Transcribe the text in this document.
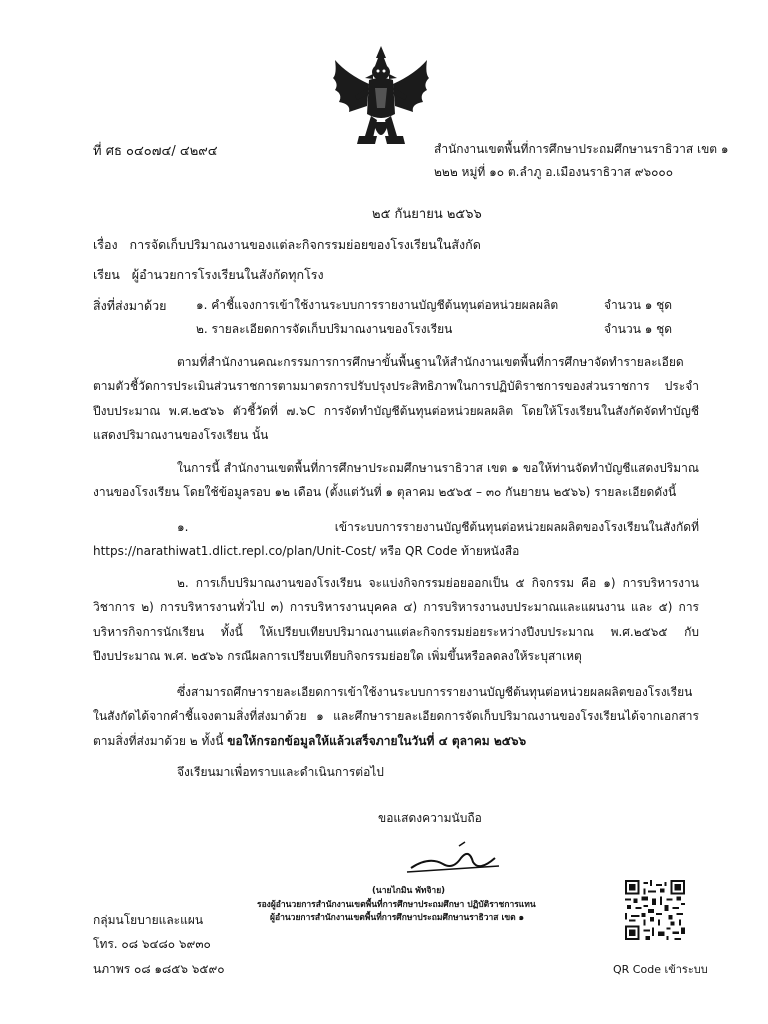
ที่ ศธ ๐๔๐๗๔/ ๔๒๙๔	สำนักงานเขตพื้นที่การศึกษาประถมศึกษานราธิวาส เขต ๑
๒๒๒ หมู่ที่ ๑๐ ต.ลำภู อ.เมืองนราธิวาส ๙๖๐๐๐
๒๕ กันยายน ๒๕๖๖
เรื่อง การจัดเก็บปริมาณงานของแต่ละกิจกรรมย่อยของโรงเรียนในสังกัด
เรียน ผู้อำนวยการโรงเรียนในสังกัดทุกโรง
สิ่งที่ส่งมาด้วย ๑. คำชี้แจงการเข้าใช้งานระบบการรายงานบัญชีต้นทุนต่อหน่วยผลผลิต	จำนวน ๑ ชุด
๒. รายละเอียดการจัดเก็บปริมาณงานของโรงเรียน	จำนวน ๑ ชุด
ตามที่สำนักงานคณะกรรมการการศึกษาขั้นพื้นฐานให้สำนักงานเขตพื้นที่การศึกษาจัดทำรายละเอียดตามตัวชี้วัดการประเมินส่วนราชการตามมาตรการปรับปรุงประสิทธิภาพในการปฏิบัติราชการของส่วนราชการ ประจำปีงบประมาณ พ.ศ.๒๕๖๖ ตัวชี้วัดที่ ๗.๖C การจัดทำบัญชีต้นทุนต่อหน่วยผลผลิต โดยให้โรงเรียนในสังกัดจัดทำบัญชีแสดงปริมาณงานของโรงเรียน นั้น
ในการนี้ สำนักงานเขตพื้นที่การศึกษาประถมศึกษานราธิวาส เขต ๑ ขอให้ท่านจัดทำบัญชีแสดงปริมาณงานของโรงเรียน โดยใช้ข้อมูลรอบ ๑๒ เดือน (ตั้งแต่วันที่ ๑ ตุลาคม ๒๕๖๕ – ๓๐ กันยายน ๒๕๖๖) รายละเอียดดังนี้
๑. เข้าระบบการรายงานบัญชีต้นทุนต่อหน่วยผลผลิตของโรงเรียนในสังกัดที่ https://narathiwat1.dlict.repl.co/plan/Unit-Cost/ หรือ QR Code ท้ายหนังสือ
๒. การเก็บปริมาณงานของโรงเรียน จะแบ่งกิจกรรมย่อยออกเป็น ๕ กิจกรรม คือ ๑) การบริหารงานวิชาการ ๒) การบริหารงานทั่วไป ๓) การบริหารงานบุคคล ๔) การบริหารงานงบประมาณและแผนงาน และ ๕) การบริหารกิจการนักเรียน ทั้งนี้ ให้เปรียบเทียบปริมาณงานแต่ละกิจกรรมย่อยระหว่างปีงบประมาณ พ.ศ.๒๕๖๕ กับปีงบประมาณ พ.ศ. ๒๕๖๖ กรณีผลการเปรียบเทียบกิจกรรมย่อยใด เพิ่มขึ้นหรือลดลงให้ระบุสาเหตุ
ซึ่งสามารถศึกษารายละเอียดการเข้าใช้งานระบบการรายงานบัญชีต้นทุนต่อหน่วยผลผลิตของโรงเรียนในสังกัดได้จากคำชี้แจงตามสิ่งที่ส่งมาด้วย ๑ และศึกษารายละเอียดการจัดเก็บปริมาณงานของโรงเรียนได้จากเอกสารตามสิ่งที่ส่งมาด้วย ๒ ทั้งนี้ ขอให้กรอกข้อมูลให้แล้วเสร็จภายในวันที่ ๔ ตุลาคม ๒๕๖๖
จึงเรียนมาเพื่อทราบและดำเนินการต่อไป
ขอแสดงความนับถือ
(นายไกมิน พัทจิาย)
รองผู้อำนวยการสำนักงานเขตพื้นที่การศึกษาประถมศึกษา ปฏิบัติราชการแทน
ผู้อำนวยการสำนักงานเขตพื้นที่การศึกษาประถมศึกษานราธิวาส เขต ๑
กลุ่มนโยบายและแผน
โทร. ๐๘ ๖๔๘๐ ๖๙๓๐
นภาพร ๐๘ ๑๘๕๖ ๖๕๙๐	QR Code เข้าระบบ
